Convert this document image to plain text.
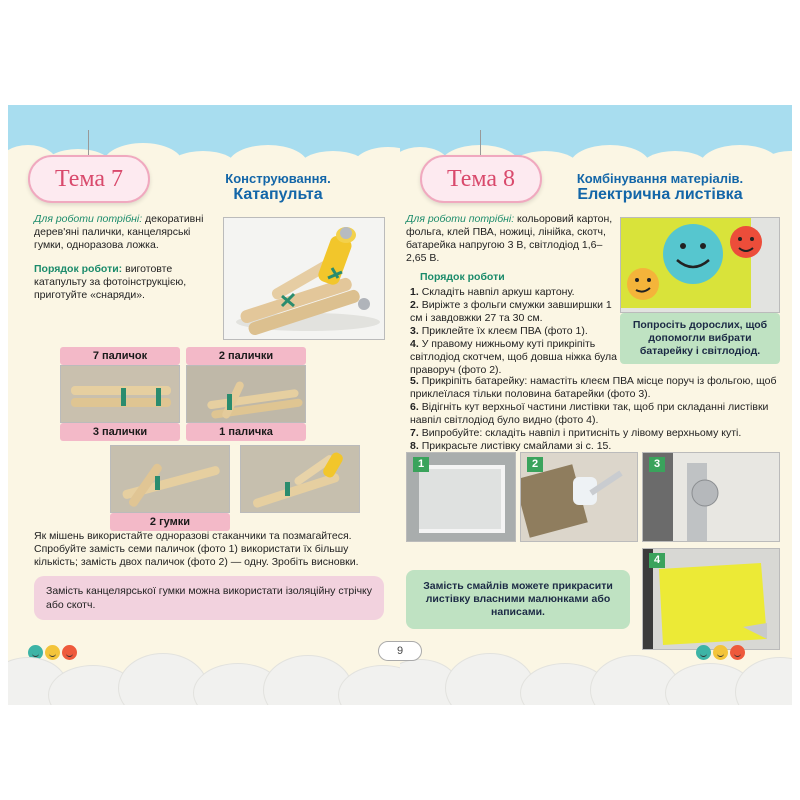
Тема 7	Конструювання.
Катапульта
Для роботи потрібні: декоративні дерев'яні палички, канцелярські гумки, одноразова ложка.
Порядок роботи: виготовте катапульту за фотоінструкцією, приготуйте «снаряди».
7 паличок
3 палички
2 палички
1 паличка
2 гумки
Як мішень використайте одноразові стаканчики та позмагайтеся.
Спробуйте замість семи паличок (фото 1) використати їх більшу кількість; замість двох паличок (фото 2) — одну. Зробіть висновки.
Замість канцелярської гумки можна використати ізоляційну стрічку або скотч.
Тема 8	Комбінування матеріалів.
Електрична листівка
Для роботи потрібні: кольоровий картон, фольга, клей ПВА, ножиці, лінійка, скотч, батарейка напругою 3 В, світлодіод 1,6–2,65 В.
Попросіть дорослих, щоб допомогли вибрати батарейку і світлодіод.
Порядок роботи
1. Складіть навпіл аркуш картону.
2. Виріжте з фольги смужки завширшки 1 см і завдовжки 27 та 30 см.
3. Приклейте їх клеєм ПВА (фото 1).
4. У правому нижньому куті прикріпіть світлодіод скотчем, щоб довша ніжка була праворуч (фото 2).
5. Прикріпіть батарейку: намастіть клеєм ПВА місце поруч із фольгою, щоб приклеїлася тільки половина батарейки (фото 3).
6. Відігніть кут верхньої частини листівки так, щоб при складанні листівки навпіл світлодіод було видно (фото 4).
7. Випробуйте: складіть навпіл і притисніть у лівому верхньому куті.
8. Прикрасьте листівку смайлами зі с. 15.
1	2	3
4
Замість смайлів можете прикрасити листівку власними малюнками або написами.
9
